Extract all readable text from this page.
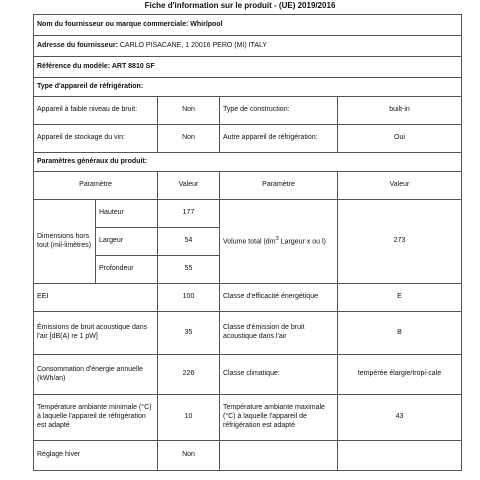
Fiche d'information sur le produit - (UE) 2019/2016

Nom du fournisseur ou marque commerciale: Whirlpool				
Adresse du fournisseur: CARLO PISACANE, 1 20016 PERO (MI) ITALY				
Référence du modèle: ART 8810 SF				
Type d'appareil de réfrigération:				
Appareil à faible niveau de bruit:		Non	Type de construction:	built-in
Appareil de stockage du vin:		Non	Autre appareil de réfrigération:	Oui
Paramètres généraux du produit:				
Paramètre		Valeur	Paramètre	Valeur
Dimensions hors tout (mil-limètres)	Hauteur	177	Volume total ($dm^3$ Largeur x ou l)	273
	Largeur	54		
	Profondeur	55		
EEI		100	Classe d'efficacité énergétique	E
Émissions de bruit acoustique dans l'air [dB(A) re 1 pW]		35	Classe d'émission de bruit acoustique dans l'air	B
Consommation d'énergie annuelle (kWh/an)		226	Classe climatique:	tempérée élargie/tropi-cale
Température ambiante minimale (°C) à laquelle l'appareil de réfrigération est adapté		10	Température ambiante maximale (°C) à laquelle l'appareil de réfrigération est adapté	43
Réglage hiver		Non		
